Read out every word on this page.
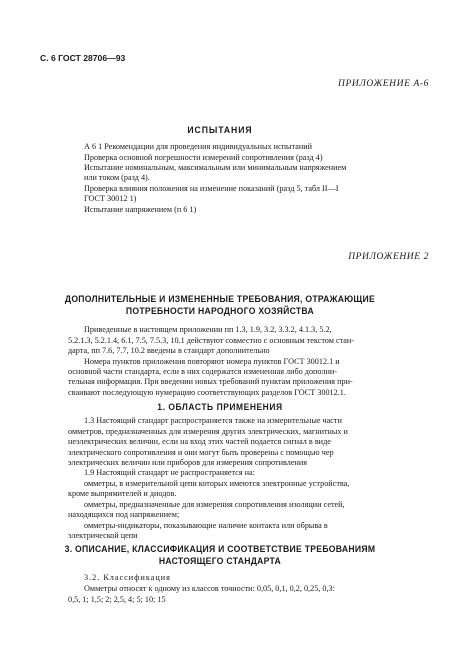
С. 6 ГОСТ 28706—93
ПРИЛОЖЕНИЕ А-6
ИСПЫТАНИЯ
А 6 1 Рекомендации для проведения индивидуальных испытаний
Проверка основной погрешности измерений сопротивления (разд 4)
Испытание номинальным, максимальным или минимальным напряжением
или током (разд 4).
Проверка влияния положения на изменение показаний (разд 5, табл II—I
ГОСТ 30012 1)
Испытание напряжением (п 6 1)
ПРИЛОЖЕНИЕ 2
ДОПОЛНИТЕЛЬНЫЕ И ИЗМЕНЕННЫЕ ТРЕБОВАНИЯ, ОТРАЖАЮЩИЕ
ПОТРЕБНОСТИ НАРОДНОГО ХОЗЯЙСТВА
Приведенные в настоящем приложении пп 1.3, 1.9, 3.2, 3.3.2, 4.1.3, 5.2,
5.2.1.3, 5.2.1.4, 6.1, 7.5, 7.5.3, 10.1 действуют совместно с основным текстом стан-
дарта, пп 7.6, 7.7, 10.2 введены в стандарт дополнительно
Номера пунктов приложения повторяют номера пунктов ГОСТ 30012.1 и
основной части стандарта, если в них содержатся измененная либо дополни-
тельная информация. При введении новых требований пунктам приложения при-
свaивают последующую нумерацию соответствующих разделов ГОСТ 30012.1.
1. ОБЛАСТЬ ПРИМЕНЕНИЯ
1.3 Настоящий стандарт распространяется также на измерительные части
омметров, предназначенных для измерения других электрических, магнитных и
неэлектрических величин, если на вход этих частей подается сигнал в виде
электрического сопротивления и они могут быть проверены с помощью чер
электрических величин или приборов для измерения сопротивления
1.9 Настоящий стандарт не распространяется на:
омметры, в измерительной цепи которых имеются электронные устройства,
кроме выпрямителей и диодов.
омметры, предназначенные для измерения сопротивления изоляции сетей,
находящихся под напряжением;
омметры-индикаторы, показывающие наличие контакта или обрыва в
электрической цепи
3. ОПИСАНИЕ, КЛАССИФИКАЦИЯ И СООТВЕТСТВИЕ ТРЕБОВАНИЯМ
НАСТОЯЩЕГО СТАНДАРТА
3.2. Классификация
Омметры относят к одному из классов точности: 0,05, 0,1, 0,2, 0,25, 0,3:
0,5, 1; 1,5; 2; 2,5, 4; 5; 10; 15
